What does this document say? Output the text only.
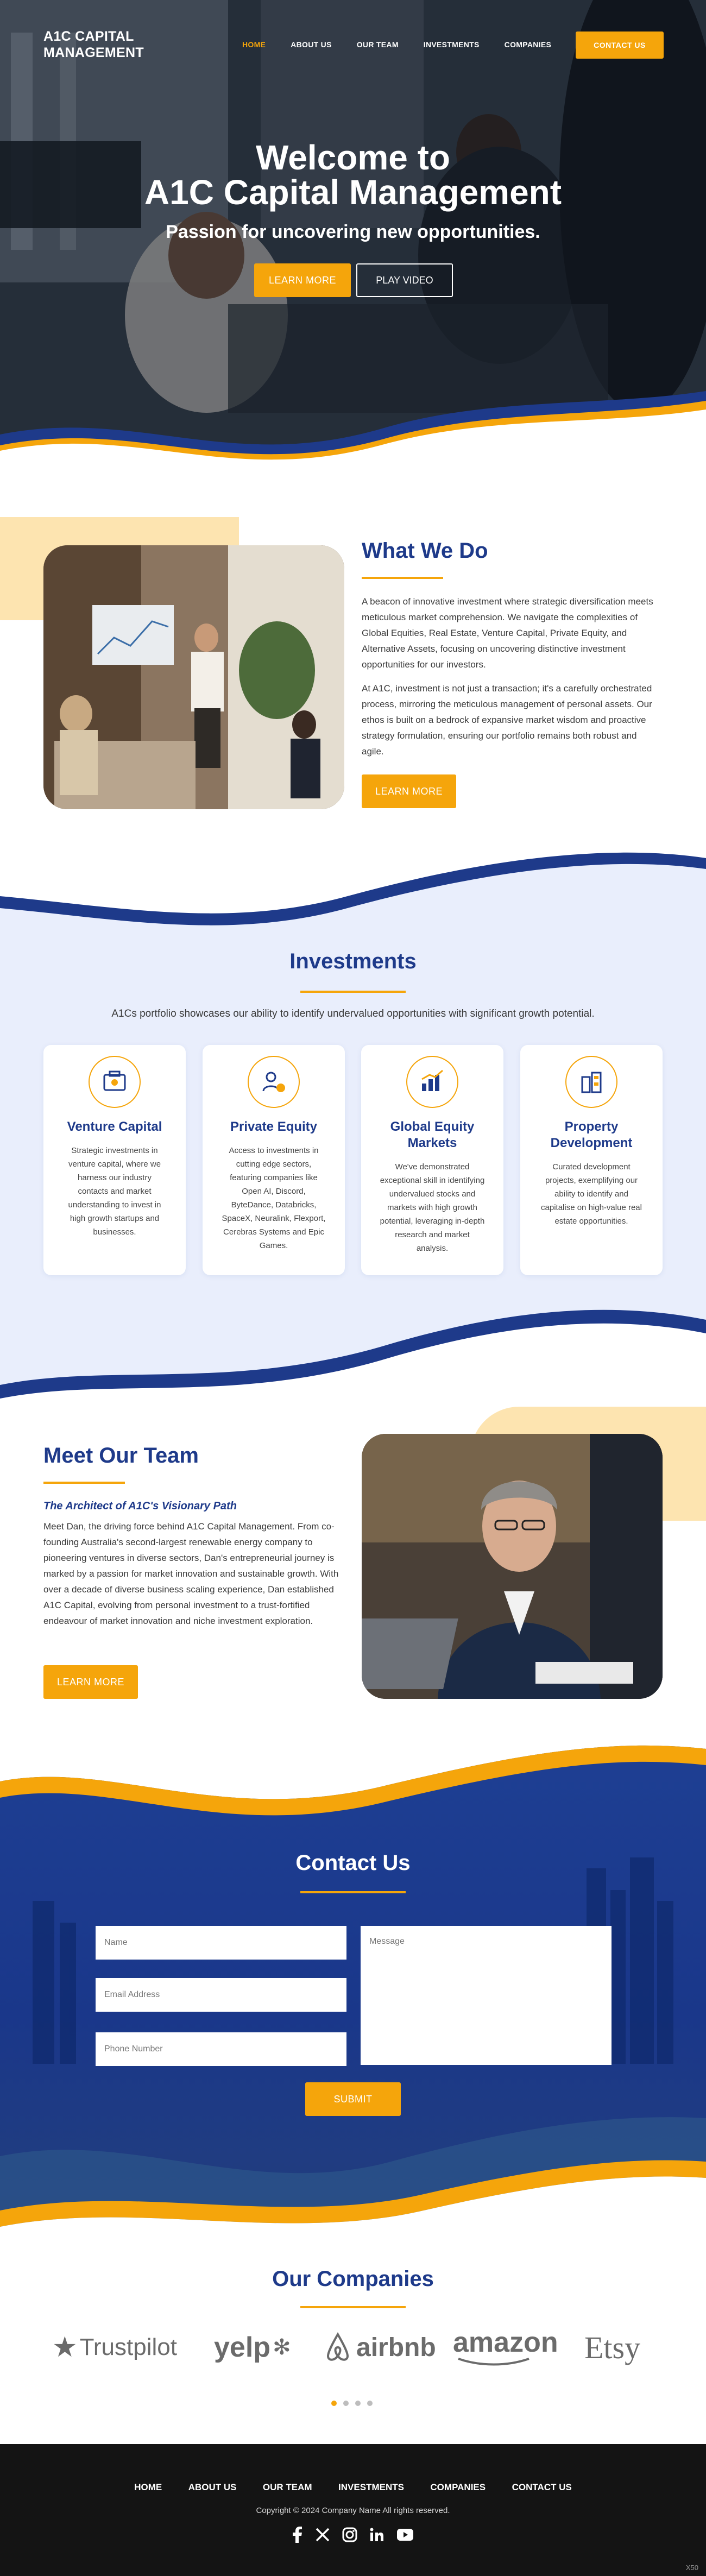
A1C CAPITAL
MANAGEMENT
HOME	ABOUT US	OUR TEAM	INVESTMENTS	COMPANIES	CONTACT US
Welcome to
A1C Capital Management
Passion for uncovering new opportunities.
LEARN MORE	PLAY VIDEO
What We Do

A beacon of innovative investment where strategic diversification meets meticulous market comprehension. We navigate the complexities of Global Equities, Real Estate, Venture Capital, Private Equity, and Alternative Assets, focusing on uncovering distinctive investment opportunities for our investors.

At A1C, investment is not just a transaction; it's a carefully orchestrated process, mirroring the meticulous management of personal assets. Our ethos is built on a bedrock of expansive market wisdom and proactive strategy formulation, ensuring our portfolio remains both robust and agile.

LEARN MORE
Investments

A1Cs portfolio showcases our ability to identify undervalued opportunities with significant growth potential.

Venture Capital

Strategic investments in venture capital, where we harness our industry contacts and market understanding to invest in high growth startups and businesses.

Private Equity

Access to investments in cutting edge sectors, featuring companies like Open AI, Discord, ByteDance, Databricks, SpaceX, Neuralink, Flexport, Cerebras Systems and Epic Games.

Global Equity Markets

We've demonstrated exceptional skill in identifying undervalued stocks and markets with high growth potential, leveraging in-depth research and market analysis.

Property Development

Curated development projects, exemplifying our ability to identify and capitalise on high-value real estate opportunities.

Meet Our Team
The Architect of A1C's Visionary Path

Meet Dan, the driving force behind A1C Capital Management. From co-founding Australia's second-largest renewable energy company to pioneering ventures in diverse sectors, Dan's entrepreneurial journey is marked by a passion for market innovation and sustainable growth. With over a decade of diverse business scaling experience, Dan established A1C Capital, evolving from personal investment to a trust-fortified endeavour of market innovation and niche investment exploration.

LEARN MORE
Contact Us
Name
Email Address
Phone Number
Message
SUBMIT
Our Companies
★ Trustpilot yelp ✻	airbnb amazon Etsy
HOME	ABOUT US	OUR TEAM	INVESTMENTS	COMPANIES	CONTACT US
Copyright © 2024 Company Name All rights reserved.
X50
